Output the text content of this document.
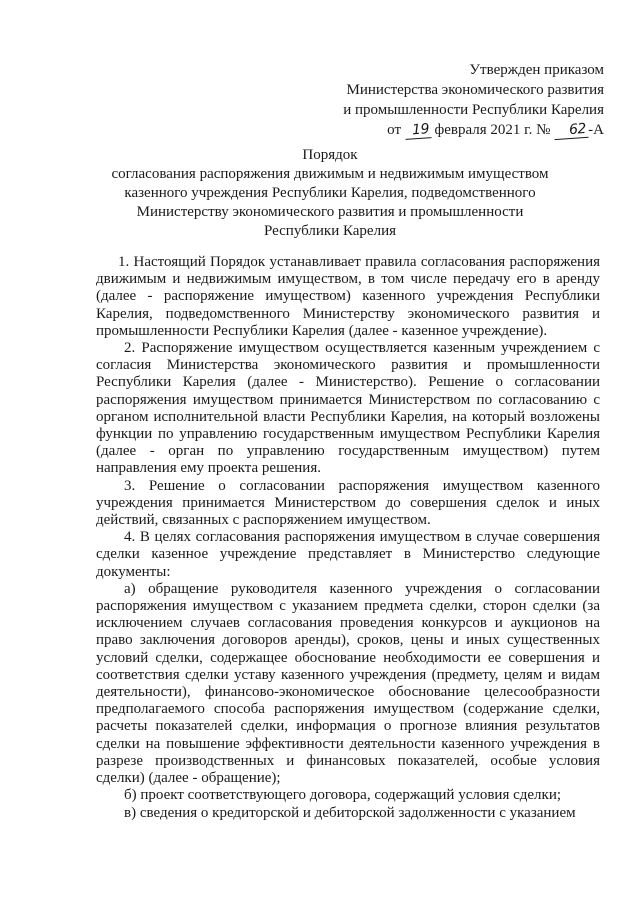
Утвержден приказом
Министерства экономического развития
и промышленности Республики Карелия
от 19 февраля 2021 г. № 62 -А
Порядок
согласования распоряжения движимым и недвижимым имуществом
казенного учреждения Республики Карелия, подведомственного
Министерству экономического развития и промышленности
Республики Карелия

1. Настоящий Порядок устанавливает правила согласования распоряжения движимым и недвижимым имуществом, в том числе передачу его в аренду (далее - распоряжение имуществом) казенного учреждения Республики Карелия, подведомственного Министерству экономического развития и промышленности Республики Карелия (далее - казенное учреждение).

2. Распоряжение имуществом осуществляется казенным учреждением с согласия Министерства экономического развития и промышленности Республики Карелия (далее - Министерство). Решение о согласовании распоряжения имуществом принимается Министерством по согласованию с органом исполнительной власти Республики Карелия, на который возложены функции по управлению государственным имуществом Республики Карелия (далее - орган по управлению государственным имуществом) путем направления ему проекта решения.

3. Решение о согласовании распоряжения имуществом казенного учреждения принимается Министерством до совершения сделок и иных действий, связанных с распоряжением имуществом.

4. В целях согласования распоряжения имуществом в случае совершения сделки казенное учреждение представляет в Министерство следующие документы:

а) обращение руководителя казенного учреждения о согласовании распоряжения имуществом с указанием предмета сделки, сторон сделки (за исключением случаев согласования проведения конкурсов и аукционов на право заключения договоров аренды), сроков, цены и иных существенных условий сделки, содержащее обоснование необходимости ее совершения и соответствия сделки уставу казенного учреждения (предмету, целям и видам деятельности), финансово-экономическое обоснование целесообразности предполагаемого способа распоряжения имуществом (содержание сделки, расчеты показателей сделки, информация о прогнозе влияния результатов сделки на повышение эффективности деятельности казенного учреждения в разрезе производственных и финансовых показателей, особые условия сделки) (далее - обращение);

б) проект соответствующего договора, содержащий условия сделки;

в) сведения о кредиторской и дебиторской задолженности с указанием
